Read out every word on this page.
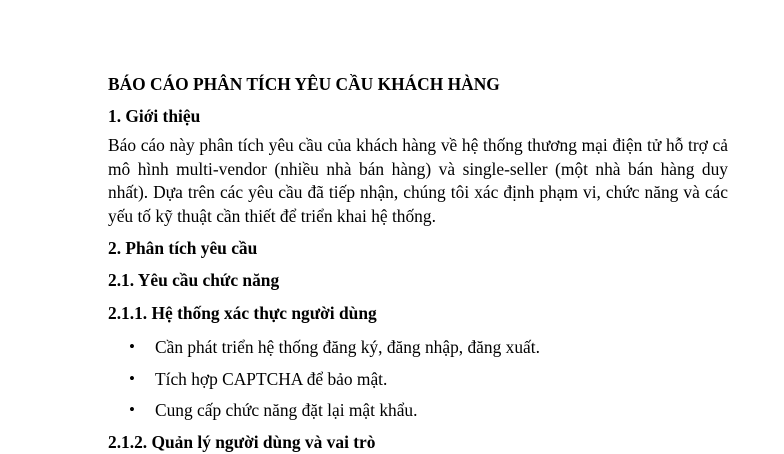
BÁO CÁO PHÂN TÍCH YÊU CẦU KHÁCH HÀNG
1. Giới thiệu

Báo cáo này phân tích yêu cầu của khách hàng về hệ thống thương mại điện tử hỗ trợ cả mô hình multi-vendor (nhiều nhà bán hàng) và single-seller (một nhà bán hàng duy nhất). Dựa trên các yêu cầu đã tiếp nhận, chúng tôi xác định phạm vi, chức năng và các yếu tố kỹ thuật cần thiết để triển khai hệ thống.

2. Phân tích yêu cầu
2.1. Yêu cầu chức năng
2.1.1. Hệ thống xác thực người dùng
• Cần phát triển hệ thống đăng ký, đăng nhập, đăng xuất.
• Tích hợp CAPTCHA để bảo mật.
• Cung cấp chức năng đặt lại mật khẩu.
2.1.2. Quản lý người dùng và vai trò
